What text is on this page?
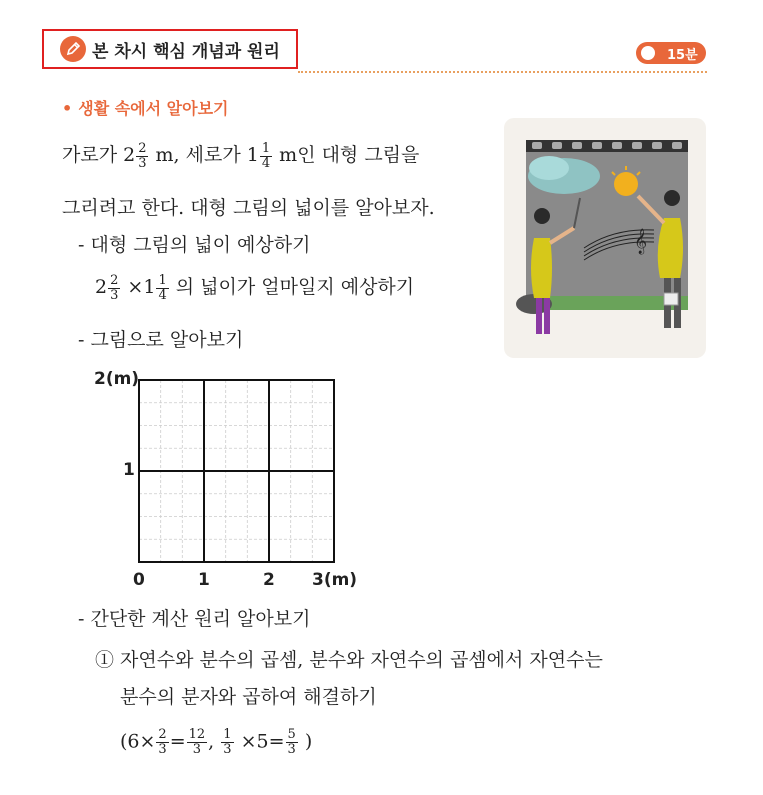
본 차시 핵심 개념과 원리	15분
• 생활 속에서 알아보기
가로가 $2 \frac{2}{3} m$, 세로가 $1 \frac{1}{4}$ m인 대형 그림을
그리려고 한다. 대형 그림의 넓이를 알아보자.
- 대형 그림의 넓이 예상하기
$2 \frac{2}{3} \times 1 \frac{1}{4}$ 의 넓이가 얼마일지 예상하기
- 그림으로 알아보기
2(m)
1
0	1	2 3(m)
- 간단한 계산 원리 알아보기
① 자연수와 분수의 곱셈, 분수와 자연수의 곱셈에서 자연수는
분수의 분자와 곱하여 해결하기
($6\times \frac{2}{3} = \frac{12}{3}$ , $\frac{1}{3} \times 5= \frac{5}{3}$ )
𝄞
